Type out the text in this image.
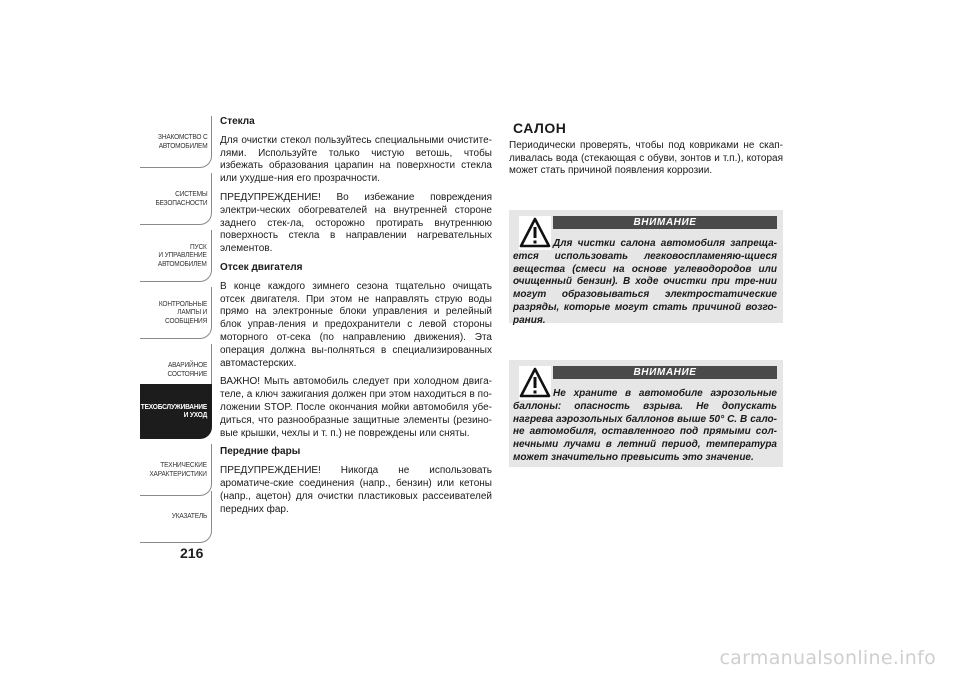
ЗНАКОМСТВО С
АВТОМОБИЛЕМ
СИСТЕМЫ
БЕЗОПАСНОСТИ
ПУСК
И УПРАВЛЕНИЕ
АВТОМОБИЛЕМ
КОНТРОЛЬНЫЕ
ЛАМПЫ И
СООБЩЕНИЯ
АВАРИЙНОЕ
СОСТОЯНИЕ
ТЕХОБСЛУЖИВАНИЕ
И УХОД
ТЕХНИЧЕСКИЕ
ХАРАКТЕРИСТИКИ
УКАЗАТЕЛЬ
216
Стекла

Для очистки стекол пользуйтесь специальными очистите-лями. Используйте только чистую ветошь, чтобы избежать образования царапин на поверхности стекла или ухудше-ния его прозрачности.

ПРЕДУПРЕЖДЕНИЕ! Во избежание повреждения электри-ческих обогревателей на внутренней стороне заднего стек-ла, осторожно протирать внутреннюю поверхность стекла в направлении нагревательных элементов.

Отсек двигателя

В конце каждого зимнего сезона тщательно очищать отсек двигателя. При этом не направлять струю воды прямо на электронные блоки управления и релейный блок управ-ления и предохранители с левой стороны моторного от-сека (по направлению движения). Эта операция должна вы-полняться в специализированных автомастерских.

ВАЖНО! Мыть автомобиль следует при холодном двига-теле, а ключ зажигания должен при этом находиться в по-ложении STOP. После окончания мойки автомобиля убе-диться, что разнообразные защитные элементы (резино-вые крышки, чехлы и т. п.) не повреждены или сняты.

Передние фары

ПРЕДУПРЕЖДЕНИЕ! Никогда не использовать ароматиче-ские соединения (напр., бензин) или кетоны (напр., ацетон) для очистки пластиковых рассеивателей передних фар.

САЛОН

Периодически проверять, чтобы под ковриками не скап-ливалась вода (стекающая с обуви, зонтов и т.п.), которая может стать причиной появления коррозии.

ВНИМАНИЕ
Для чистки салона автомобиля запреща-ется использовать легковоспламеняю-щиеся вещества (смеси на основе углеводородов или очищенный бензин). В ходе очистки при тре-нии могут образовываться электростатические разряды, которые могут стать причиной возго-рания.
ВНИМАНИЕ
Не храните в автомобиле аэрозольные баллоны: опасность взрыва. Не допускать нагрева аэрозольных баллонов выше 50° С. В сало-не автомобиля, оставленного под прямыми сол-нечными лучами в летний период, температура может значительно превысить это значение.
carmanualsonline.info
